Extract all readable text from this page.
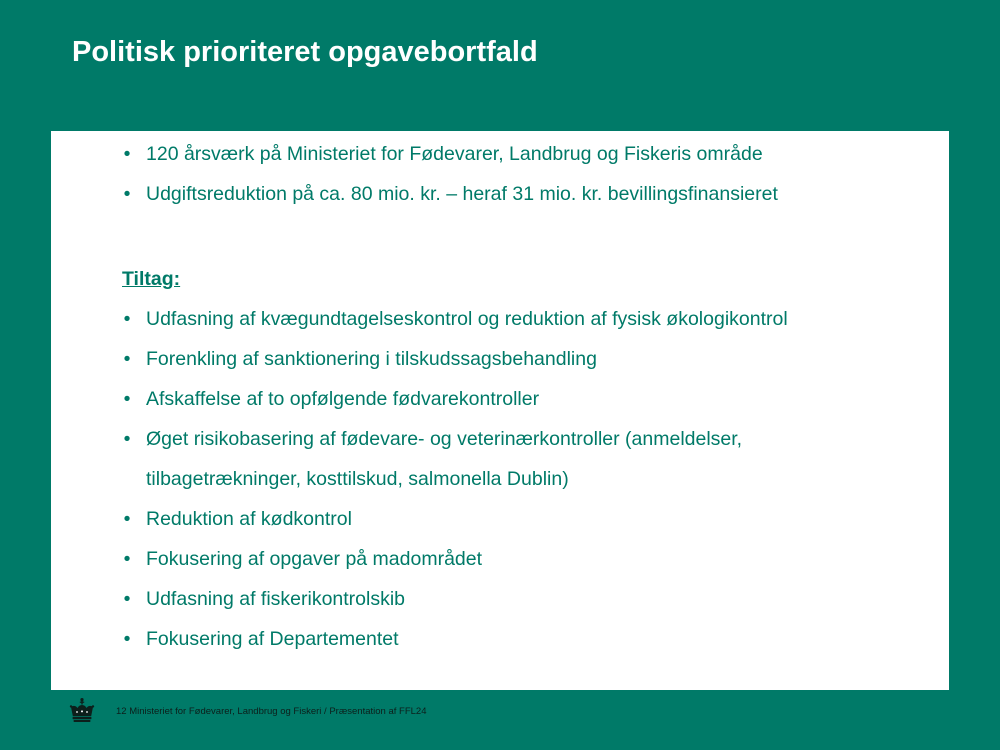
Politisk prioriteret opgavebortfald
• 120 årsværk på Ministeriet for Fødevarer, Landbrug og Fiskeris område
• Udgiftsreduktion på ca. 80 mio. kr. – heraf 31 mio. kr. bevillingsfinansieret
Tiltag:
• Udfasning af kvægundtagelseskontrol og reduktion af fysisk økologikontrol
• Forenkling af sanktionering i tilskudssagsbehandling
• Afskaffelse af to opfølgende fødvarekontroller
• Øget risikobasering af fødevare- og veterinærkontroller (anmeldelser,
tilbagetrækninger, kosttilskud, salmonella Dublin)
• Reduktion af kødkontrol
• Fokusering af opgaver på madområdet
• Udfasning af fiskerikontrolskib
• Fokusering af Departementet
12 Ministeriet for Fødevarer, Landbrug og Fiskeri / Præsentation af FFL24
